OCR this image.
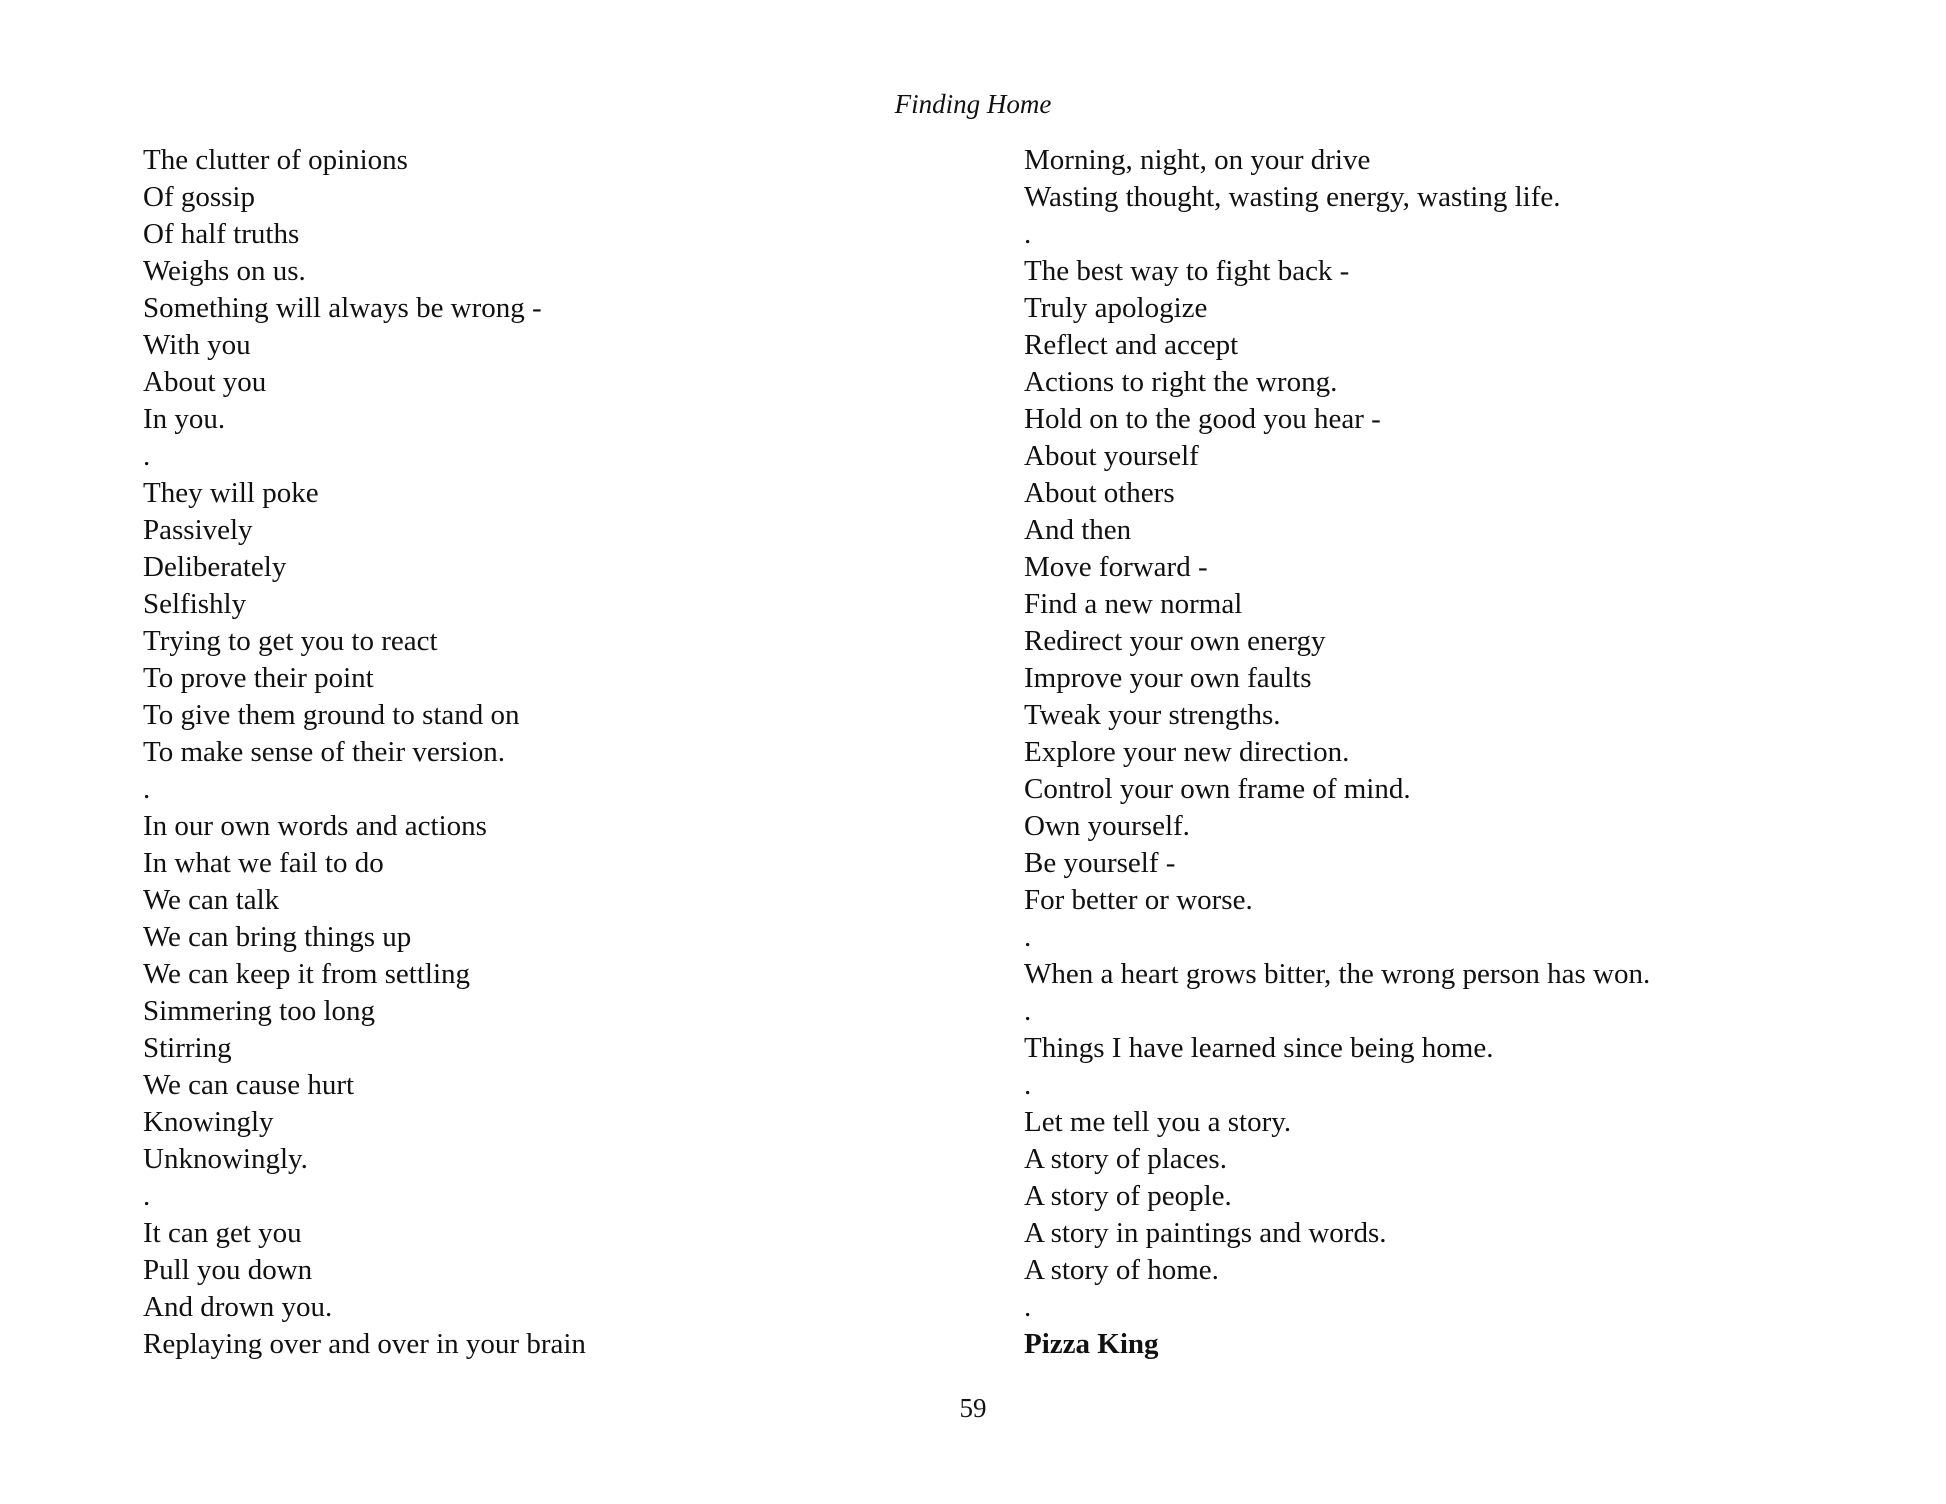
Finding Home
The clutter of opinions
Of gossip
Of half truths
Weighs on us.
Something will always be wrong -
With you
About you
In you.
.
They will poke
Passively
Deliberately
Selfishly
Trying to get you to react
To prove their point
To give them ground to stand on
To make sense of their version.
.
In our own words and actions
In what we fail to do
We can talk
We can bring things up
We can keep it from settling
Simmering too long
Stirring
We can cause hurt
Knowingly
Unknowingly.
.
It can get you
Pull you down
And drown you.
Replaying over and over in your brain
Morning, night, on your drive
Wasting thought, wasting energy, wasting life.
.
The best way to fight back -
Truly apologize
Reflect and accept
Actions to right the wrong.
Hold on to the good you hear -
About yourself
About others
And then
Move forward -
Find a new normal
Redirect your own energy
Improve your own faults
Tweak your strengths.
Explore your new direction.
Control your own frame of mind.
Own yourself.
Be yourself -
For better or worse.
.
When a heart grows bitter, the wrong person has won.
.
Things I have learned since being home.
.
Let me tell you a story.
A story of places.
A story of people.
A story in paintings and words.
A story of home.
.
Pizza King
59
